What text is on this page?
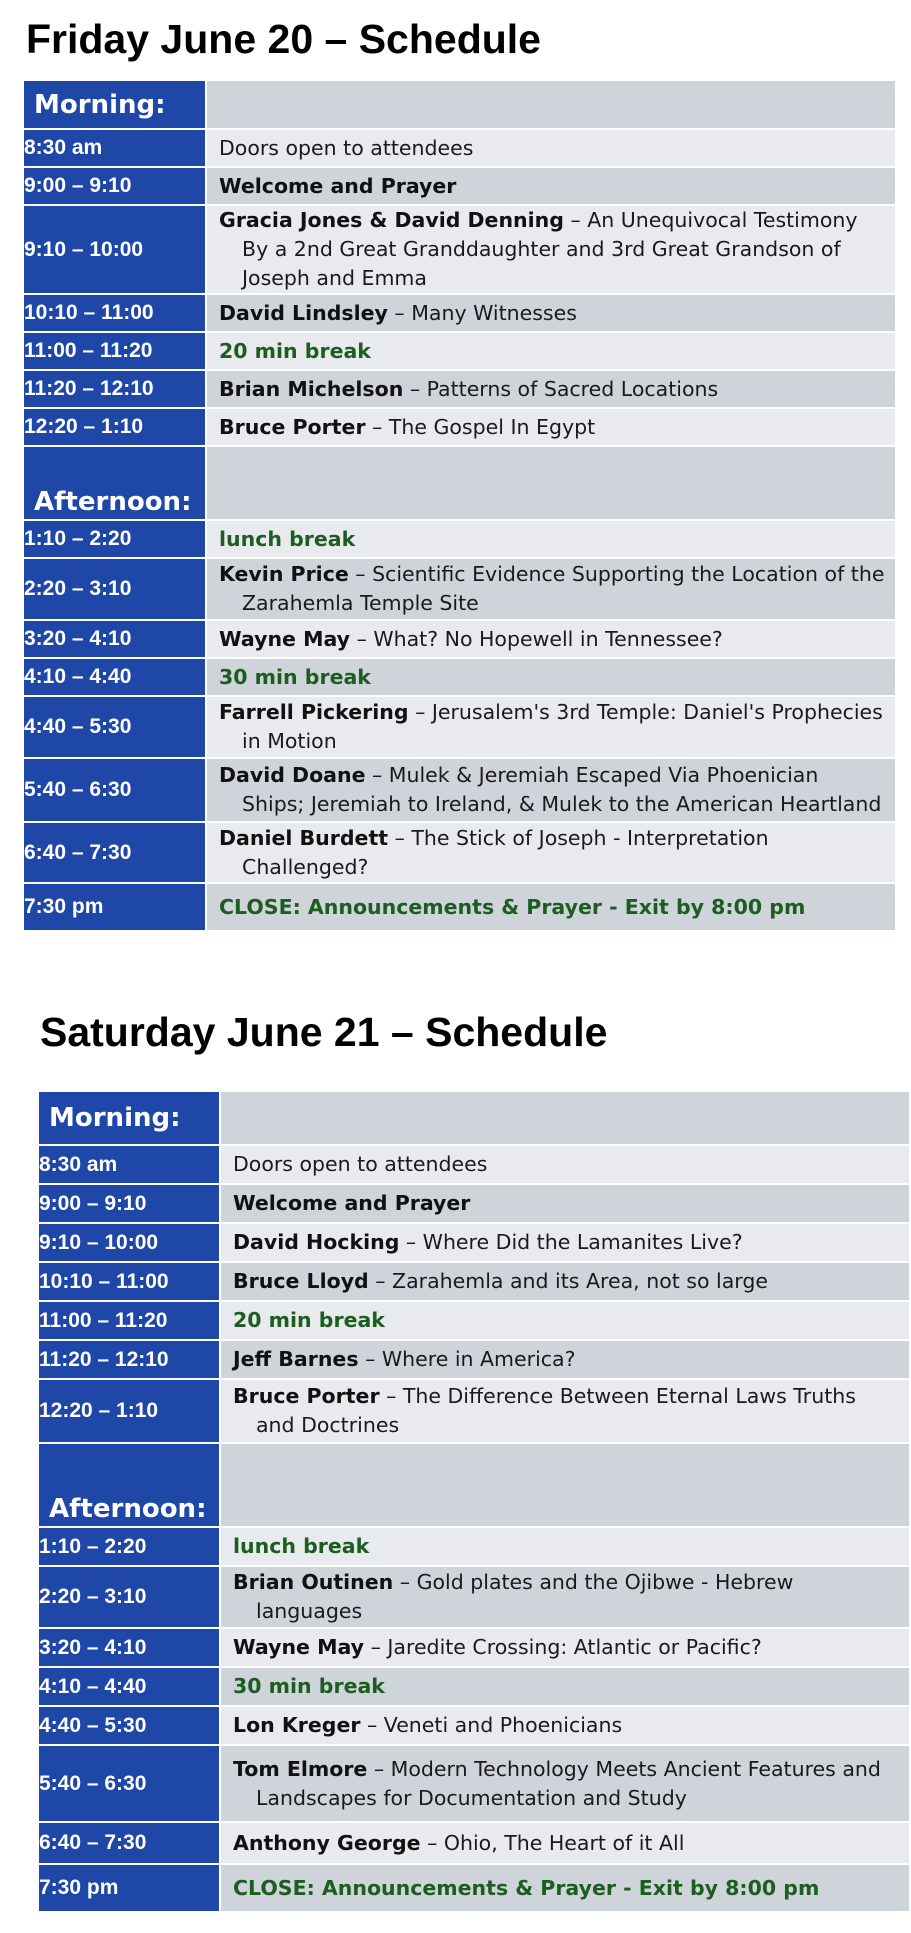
Friday June 20 – Schedule
Morning:	
8:30 am	Doors open to attendees

9:00 – 9:10	Welcome and Prayer

9:10 – 10:00	Gracia Jones & David Denning – An Unequivocal Testimony By a 2nd Great Granddaughter and 3rd Great Grandson of Joseph and Emma

10:10 – 11:00	David Lindsley – Many Witnesses

11:00 – 11:20	20 min break

11:20 – 12:10	Brian Michelson – Patterns of Sacred Locations

12:20 – 1:10	Bruce Porter – The Gospel In Egypt

Afternoon:	
1:10 – 2:20	lunch break

2:20 – 3:10	Kevin Price – Scientific Evidence Supporting the Location of the Zarahemla Temple Site

3:20 – 4:10	Wayne May – What? No Hopewell in Tennessee?

4:10 – 4:40	30 min break

4:40 – 5:30	Farrell Pickering – Jerusalem's 3rd Temple: Daniel's Prophecies in Motion

5:40 – 6:30	David Doane – Mulek & Jeremiah Escaped Via Phoenician Ships; Jeremiah to Ireland, & Mulek to the American Heartland

6:40 – 7:30	Daniel Burdett – The Stick of Joseph - Interpretation Challenged?

7:30 pm	CLOSE: Announcements & Prayer - Exit by 8:00 pm
Saturday June 21 – Schedule
Morning:	
8:30 am	Doors open to attendees

9:00 – 9:10	Welcome and Prayer

9:10 – 10:00	David Hocking – Where Did the Lamanites Live?

10:10 – 11:00	Bruce Lloyd – Zarahemla and its Area, not so large

11:00 – 11:20	20 min break

11:20 – 12:10	Jeff Barnes – Where in America?

12:20 – 1:10	Bruce Porter – The Difference Between Eternal Laws Truths and Doctrines

Afternoon:	
1:10 – 2:20	lunch break

2:20 – 3:10	Brian Outinen – Gold plates and the Ojibwe - Hebrew languages

3:20 – 4:10	Wayne May – Jaredite Crossing: Atlantic or Pacific?

4:10 – 4:40	30 min break

4:40 – 5:30	Lon Kreger – Veneti and Phoenicians

5:40 – 6:30	Tom Elmore – Modern Technology Meets Ancient Features and Landscapes for Documentation and Study

6:40 – 7:30	Anthony George – Ohio, The Heart of it All

7:30 pm	CLOSE: Announcements & Prayer - Exit by 8:00 pm
